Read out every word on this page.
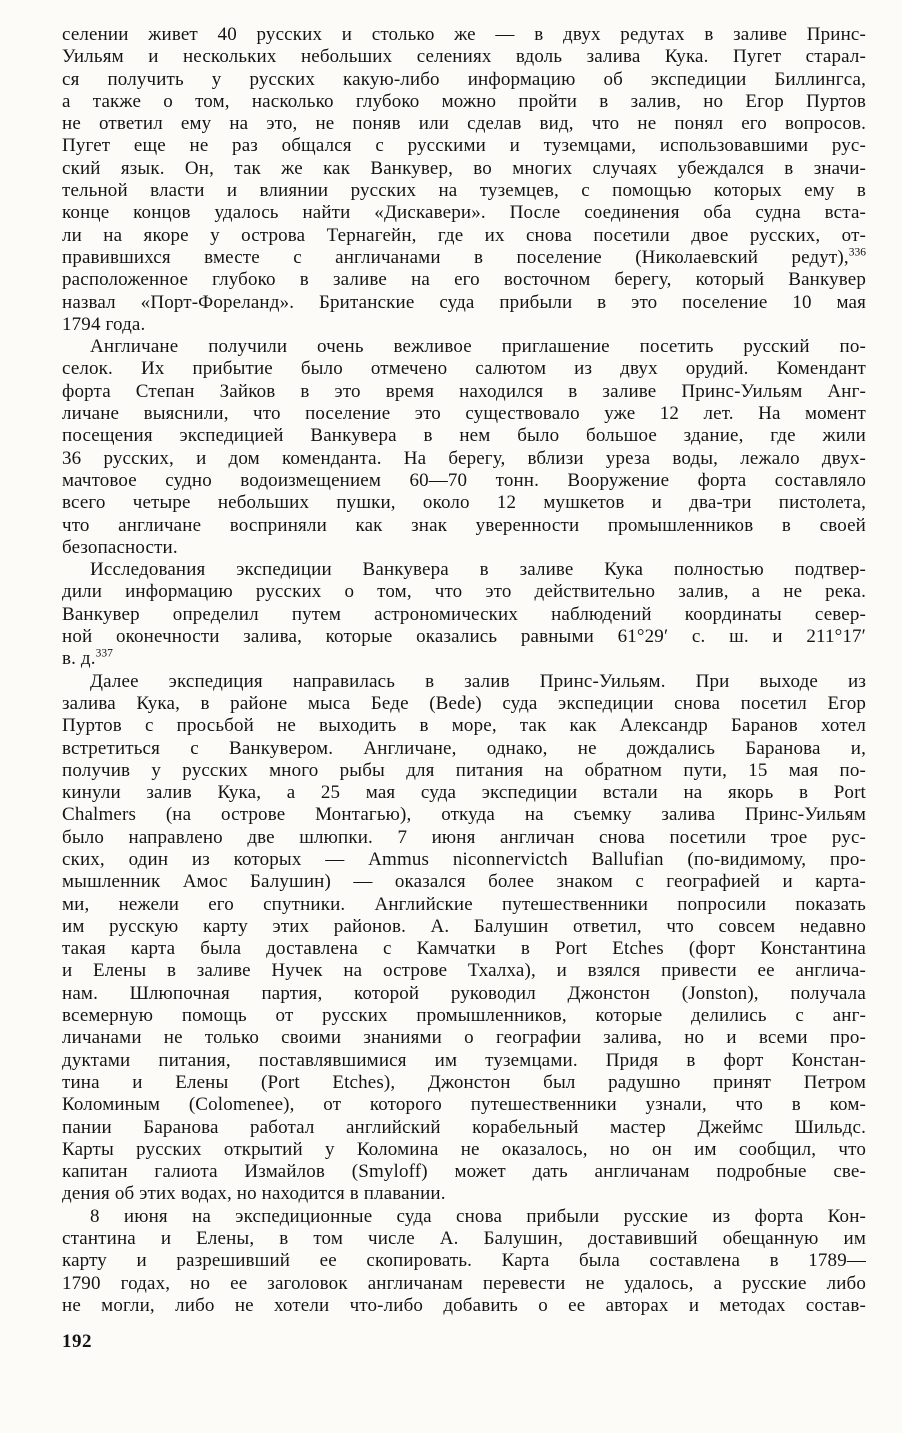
селении живет 40 русских и столько же — в двух редутах в заливе Принс-
Уильям и нескольких небольших селениях вдоль залива Кука. Пугет старал-
ся получить у русских какую-либо информацию об экспедиции Биллингса,
а также о том, насколько глубоко можно пройти в залив, но Егор Пуртов
не ответил ему на это, не поняв или сделав вид, что не понял его вопросов.
Пугет еще не раз общался с русскими и туземцами, использовавшими рус-
ский язык. Он, так же как Ванкувер, во многих случаях убеждался в значи-
тельной власти и влиянии русских на туземцев, с помощью которых ему в
конце концов удалось найти «Дискавери». После соединения оба судна вста-
ли на якоре у острова Тернагейн, где их снова посетили двое русских, от-
правившихся вместе с англичанами в поселение (Николаевский редут),$^{336}$
расположенное глубоко в заливе на его восточном берегу, который Ванкувер
назвал «Порт-Фореланд». Британские суда прибыли в это поселение 10 мая
1794 года.
Англичане получили очень вежливое приглашение посетить русский по-
селок. Их прибытие было отмечено салютом из двух орудий. Комендант
форта Степан Зайков в это время находился в заливе Принс-Уильям Анг-
личане выяснили, что поселение это существовало уже 12 лет. На момент
посещения экспедицией Ванкувера в нем было большое здание, где жили
36 русских, и дом коменданта. На берегу, вблизи уреза воды, лежало двух-
мачтовое судно водоизмещением 60—70 тонн. Вооружение форта составляло
всего четыре небольших пушки, около 12 мушкетов и два-три пистолета,
что англичане восприняли как знак уверенности промышленников в своей
безопасности.
Исследования экспедиции Ванкувера в заливе Кука полностью подтвер-
дили информацию русских о том, что это действительно залив, а не река.
Ванкувер определил путем астрономических наблюдений координаты север-
ной оконечности залива, которые оказались равными 61°29′ с. ш. и 211°17′
в. д.$^{337}$
Далее экспедиция направилась в залив Принс-Уильям. При выходе из
залива Кука, в районе мыса Беде (Bede) суда экспедиции снова посетил Егор
Пуртов с просьбой не выходить в море, так как Александр Баранов хотел
встретиться с Ванкувером. Англичане, однако, не дождались Баранова и,
получив у русских много рыбы для питания на обратном пути, 15 мая по-
кинули залив Кука, а 25 мая суда экспедиции встали на якорь в Port
Chalmers (на острове Монтагью), откуда на съемку залива Принс-Уильям
было направлено две шлюпки. 7 июня англичан снова посетили трое рус-
ских, один из которых — Ammus niconnervictch Ballufian (по-видимому, про-
мышленник Амос Балушин) — оказался более знаком с географией и карта-
ми, нежели его спутники. Английские путешественники попросили показать
им русскую карту этих районов. А. Балушин ответил, что совсем недавно
такая карта была доставлена с Камчатки в Port Etches (форт Константина
и Елены в заливе Нучек на острове Тхалха), и взялся привести ее англича-
нам. Шлюпочная партия, которой руководил Джонстон (Jonston), получала
всемерную помощь от русских промышленников, которые делились с анг-
личанами не только своими знаниями о географии залива, но и всеми про-
дуктами питания, поставлявшимися им туземцами. Придя в форт Констан-
тина и Елены (Port Etches), Джонстон был радушно принят Петром
Коломиным (Colomenee), от которого путешественники узнали, что в ком-
пании Баранова работал английский корабельный мастер Джеймс Шильдс.
Карты русских открытий у Коломина не оказалось, но он им сообщил, что
капитан галиота Измайлов (Smyloff) может дать англичанам подробные све-
дения об этих водах, но находится в плавании.
8 июня на экспедиционные суда снова прибыли русские из форта Кон-
стантина и Елены, в том числе А. Балушин, доставивший обещанную им
карту и разрешивший ее скопировать. Карта была составлена в 1789—
1790 годах, но ее заголовок англичанам перевести не удалось, а русские либо
не могли, либо не хотели что-либо добавить о ее авторах и методах состав-
192
